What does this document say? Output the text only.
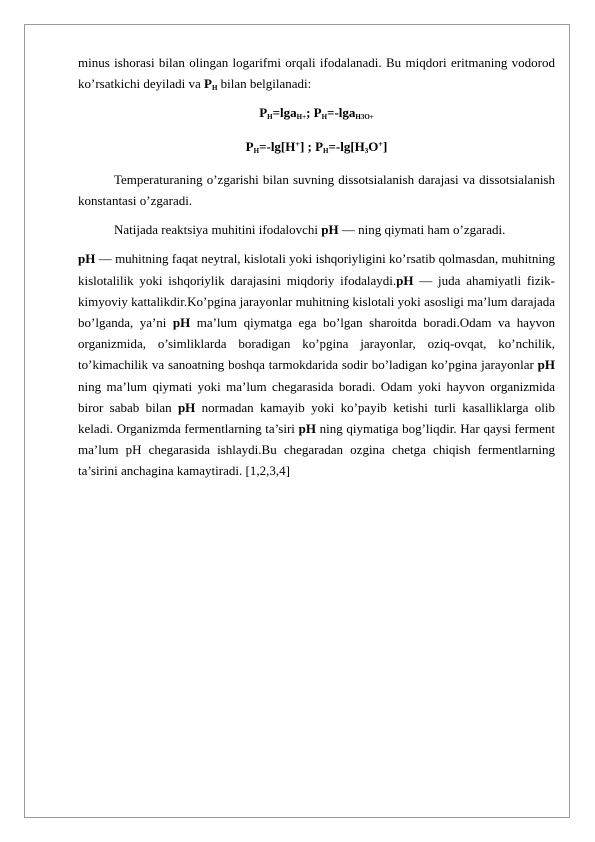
minus ishorasi bilan olingan logarifmi orqali ifodalanadi. Bu miqdori eritmaning vodorod ko’rsatkichi deyiladi va $P_H$ bilan belgilanadi:

$P_H=\lg a_{H+}$; $P_H=-\lg a_{H3O+}$

$P_H=-\lg[H^+]$ ; $P_H=-\lg[H_3O^+]$

Temperaturaning o’zgarishi bilan suvning dissotsialanish darajasi va dissotsialanish konstantasi o’zgaradi.

Natijada reaktsiya muhitini ifodalovchi pH — ning qiymati ham o’zgaradi.

pH — muhitning faqat neytral, kislotali yoki ishqoriyligini ko’rsatib qolmasdan, muhitning kislotalilik yoki ishqoriylik darajasini miqdoriy ifodalaydi.pH — juda ahamiyatli fizik-kimyoviy kattalikdir.Ko’pgina jarayonlar muhitning kislotali yoki asosligi ma’lum darajada bo’lganda, ya’ni pH ma’lum qiymatga ega bo’lgan sharoitda boradi.Odam va hayvon organizmida, o’simliklarda boradigan ko’pgina jarayonlar, oziq-ovqat, ko’nchilik, to’kimachilik va sanoatning boshqa tarmokdarida sodir bo’ladigan ko’pgina jarayonlar pH ning ma’lum qiymati yoki ma’lum chegarasida boradi. Odam yoki hayvon organizmida biror sabab bilan pH normadan kamayib yoki ko’payib ketishi turli kasalliklarga olib keladi. Organizmda fermentlarning ta’siri pH ning qiymatiga bog’liqdir. Har qaysi ferment ma’lum pH chegarasida ishlaydi.Bu chegaradan ozgina chetga chiqish fermentlarning ta’sirini anchagina kamaytiradi. [1,2,3,4]
